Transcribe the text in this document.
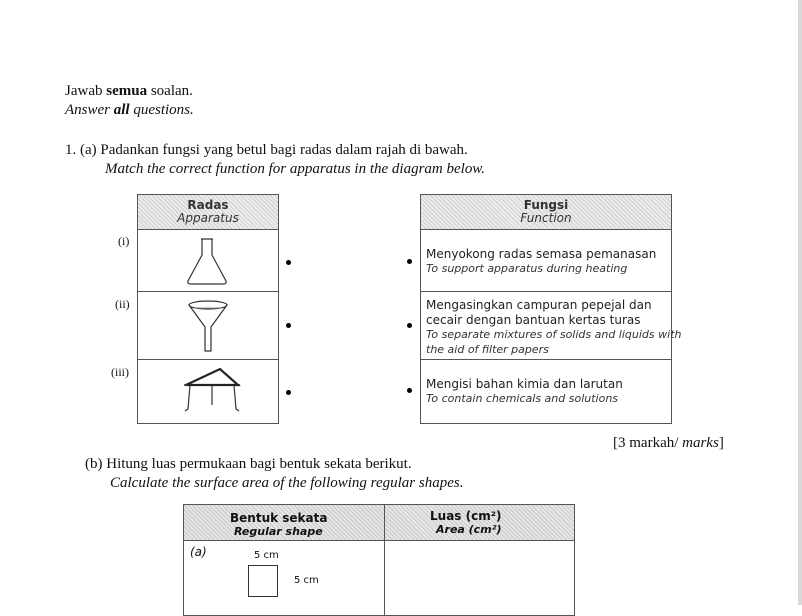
Jawab semua soalan.
Answer all questions.
1. (a) Padankan fungsi yang betul bagi radas dalam rajah di bawah.
Match the correct function for apparatus in the diagram below.
Radas
Apparatus
(i)
(ii)
(iii)
Fungsi
Function
Menyokong radas semasa pemanasan
To support apparatus during heating
Mengasingkan campuran pepejal dan
cecair dengan bantuan kertas turas
To separate mixtures of solids and liquids with
the aid of filter papers
Mengisi bahan kimia dan larutan
To contain chemicals and solutions
[3 markah/ marks]
(b) Hitung luas permukaan bagi bentuk sekata berikut.
Calculate the surface area of the following regular shapes.
Bentuk sekata
Regular shape
Luas (cm²)
Area (cm²)
(a)	5 cm
5 cm
